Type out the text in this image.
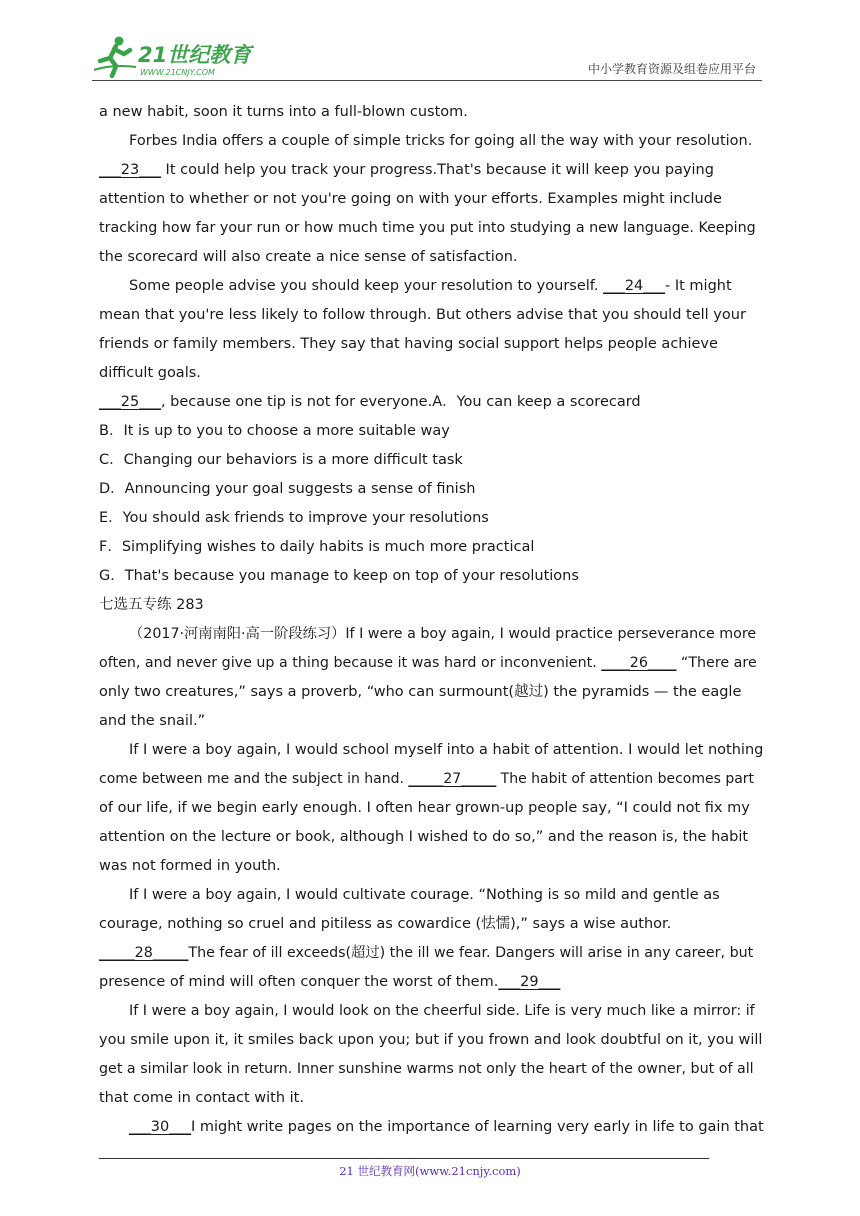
21世纪教育
WWW.21CNJY.COM	中小学教育资源及组卷应用平台

a new habit, soon it turns into a full-blown custom.

Forbes India offers a couple of simple tricks for going all the way with your resolution.

___23___ It could help you track your progress.That's because it will keep you paying

attention to whether or not you're going on with your efforts. Examples might include

tracking how far your run or how much time you put into studying a new language. Keeping

the scorecard will also create a nice sense of satisfaction.

Some people advise you should keep your resolution to yourself. ___24___- It might

mean that you're less likely to follow through. But others advise that you should tell your

friends or family members. They say that having social support helps people achieve

difficult goals.

___25___, because one tip is not for everyone.A．You can keep a scorecard

B．It is up to you to choose a more suitable way

C．Changing our behaviors is a more difficult task

D．Announcing your goal suggests a sense of finish

E．You should ask friends to improve your resolutions

F．Simplifying wishes to daily habits is much more practical

G．That's because you manage to keep on top of your resolutions

七选五专练 283

（2017·河南南阳·高一阶段练习）If I were a boy again, I would practice perseverance more

often, and never give up a thing because it was hard or inconvenient. ____26____ “There are

only two creatures,” says a proverb, “who can surmount(越过) the pyramids — the eagle

and the snail.”

If I were a boy again, I would school myself into a habit of attention. I would let nothing

come between me and the subject in hand. _____27_____ The habit of attention becomes part

of our life, if we begin early enough. I often hear grown-up people say, “I could not fix my

attention on the lecture or book, although I wished to do so,” and the reason is, the habit

was not formed in youth.

If I were a boy again, I would cultivate courage. “Nothing is so mild and gentle as

courage, nothing so cruel and pitiless as cowardice (怯懦),” says a wise author.

_____28_____The fear of ill exceeds(超过) the ill we fear. Dangers will arise in any career, but

presence of mind will often conquer the worst of them.___29___

If I were a boy again, I would look on the cheerful side. Life is very much like a mirror: if

you smile upon it, it smiles back upon you; but if you frown and look doubtful on it, you will

get a similar look in return. Inner sunshine warms not only the heart of the owner, but of all

that come in contact with it.

___30___I might write pages on the importance of learning very early in life to gain that

21 世纪教育网(www.21cnjy.com)
